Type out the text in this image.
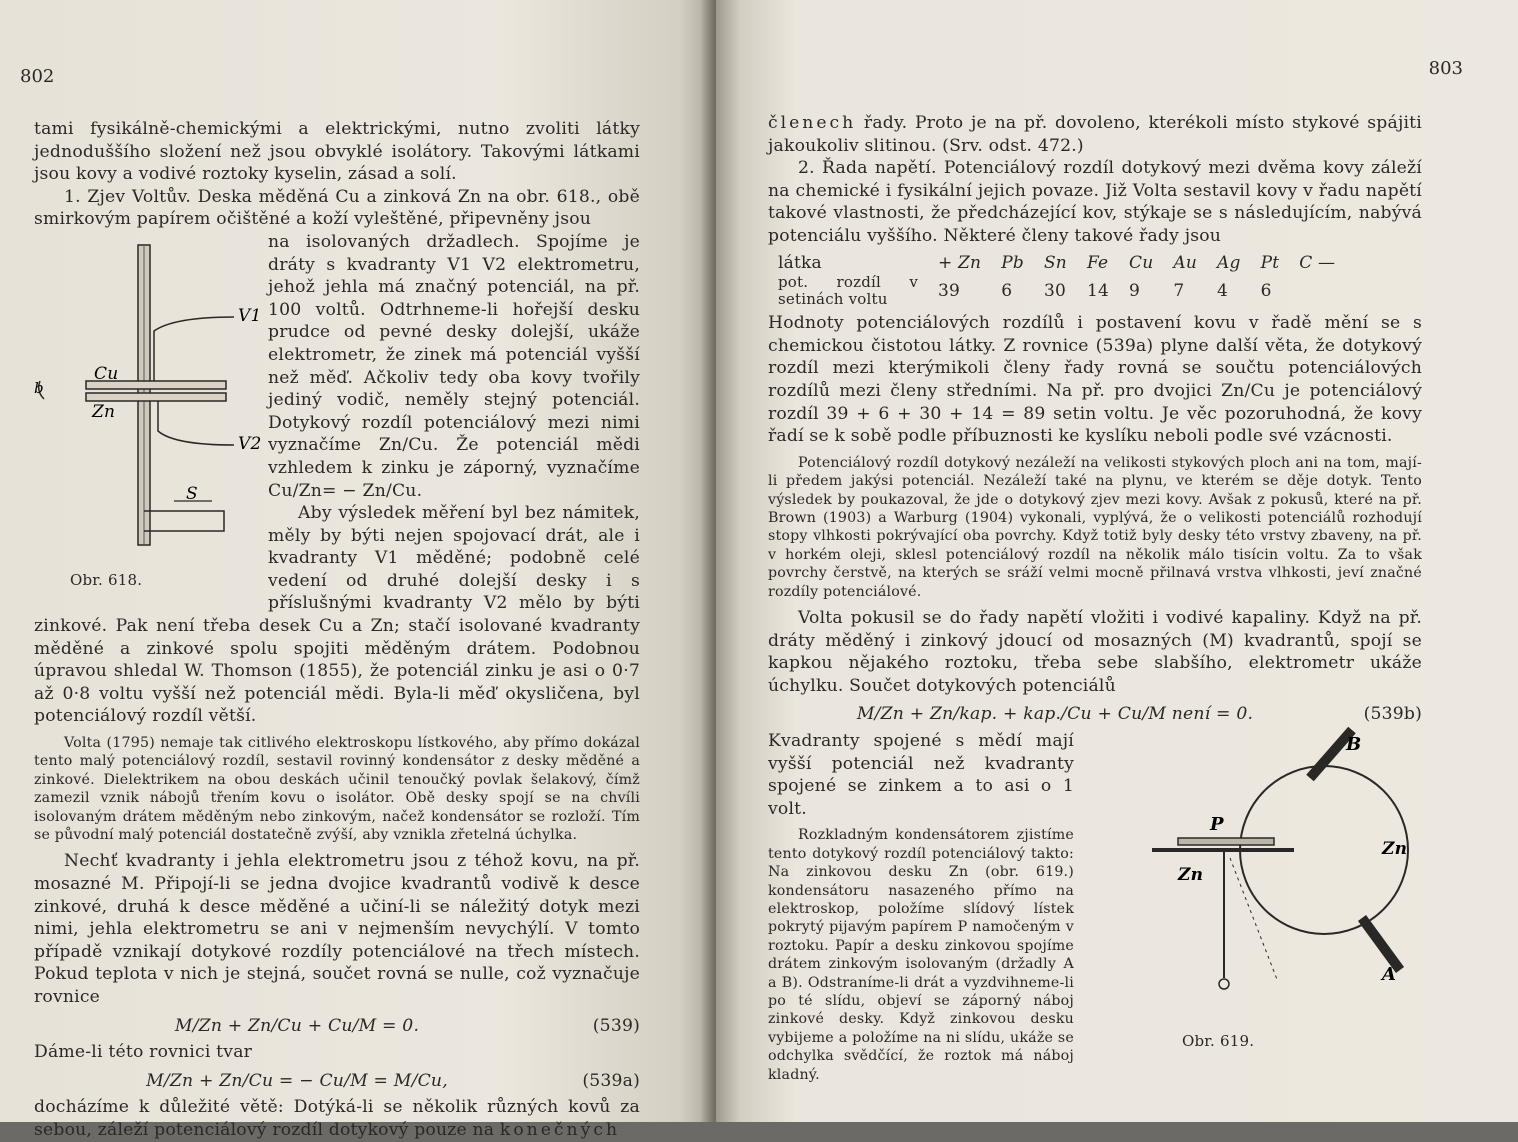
802

tami fysikálně-chemickými a elektrickými, nutno zvoliti látky jednoduššího složení než jsou obvyklé isolátory. Takovými látkami jsou kovy a vodivé roztoky kyselin, zásad a solí.

1. Zjev Voltův. Deska měděná Cu a zinková Zn na obr. 618., obě smirkovým papírem očištěné a koží vyleštěné, připevněny jsou

Cu
Zn
V1
V2
S
b
Obr. 618.

na isolovaných držadlech. Spojíme je dráty s kvadranty V1 V2 elektrometru, jehož jehla má značný potenciál, na př. 100 voltů. Odtrhneme-li hořejší desku prudce od pevné desky dolejší, ukáže elektrometr, že zinek má potenciál vyšší než měď. Ačkoliv tedy oba kovy tvořily jediný vodič, neměly stejný potenciál. Dotykový rozdíl potenciálový mezi nimi vyznačíme Zn/Cu. Že potenciál mědi vzhledem k zinku je záporný, vyznačíme Cu/Zn= − Zn/Cu.

Aby výsledek měření byl bez námitek, měly by býti nejen spojovací drát, ale i kvadranty V1 měděné; podobně celé vedení od druhé dolejší desky i s příslušnými kvadranty V2 mělo by býti zinkové. Pak není třeba desek Cu a Zn; stačí isolované kvadranty měděné a zinkové spolu spojiti měděným drátem. Podobnou úpravou shledal W. Thomson (1855), že potenciál zinku je asi o 0·7 až 0·8 voltu vyšší než potenciál mědi. Byla-li měď okysličena, byl potenciálový rozdíl větší.

Volta (1795) nemaje tak citlivého elektroskopu lístkového, aby přímo dokázal tento malý potenciálový rozdíl, sestavil rovinný kondensátor z desky měděné a zinkové. Dielektrikem na obou deskách učinil tenoučký povlak šelakový, čímž zamezil vznik nábojů třením kovu o isolátor. Obě desky spojí se na chvíli isolovaným drátem měděným nebo zinkovým, načež kondensátor se rozloží. Tím se původní malý potenciál dostatečně zvýší, aby vznikla zřetelná úchylka.

Nechť kvadranty i jehla elektrometru jsou z téhož kovu, na př. mosazné M. Připojí-li se jedna dvojice kvadrantů vodivě k desce zinkové, druhá k desce měděné a učiní-li se náležitý dotyk mezi nimi, jehla elektrometru se ani v nejmenším nevychýlí. V tomto případě vznikají dotykové rozdíly potenciálové na třech místech. Pokud teplota v nich je stejná, součet rovná se nulle, což vyznačuje rovnice

M/Zn + Zn/Cu + Cu/M = 0.	(539)

Dáme-li této rovnici tvar

M/Zn + Zn/Cu = − Cu/M = M/Cu,	(539a)

docházíme k důležité větě: Dotýká-li se několik různých kovů za sebou, záleží potenciálový rozdíl dotykový pouze na konečných

803

členech řady. Proto je na př. dovoleno, kterékoli místo stykové spájiti jakoukoliv slitinou. (Srv. odst. 472.)

2. Řada napětí. Potenciálový rozdíl dotykový mezi dvěma kovy záleží na chemické i fysikální jejich povaze. Již Volta sestavil kovy v řadu napětí takové vlastnosti, že předcházející kov, stýkaje se s následujícím, nabývá potenciálu vyššího. Některé členy takové řady jsou

látka	+ Zn	Pb	Sn	Fe	Cu	Au	Ag	Pt	C —
pot. rozdíl v setinách voltu	39	6	30	14	9	7	4	6	

Hodnoty potenciálových rozdílů i postavení kovu v řadě mění se s chemickou čistotou látky. Z rovnice (539a) plyne další věta, že dotykový rozdíl mezi kterýmikoli členy řady rovná se součtu potenciálových rozdílů mezi členy středními. Na př. pro dvojici Zn/Cu je potenciálový rozdíl 39 + 6 + 30 + 14 = 89 setin voltu. Je věc pozoruhodná, že kovy řadí se k sobě podle příbuznosti ke kyslíku neboli podle své vzácnosti.

Potenciálový rozdíl dotykový nezáleží na velikosti stykových ploch ani na tom, mají-li předem jakýsi potenciál. Nezáleží také na plynu, ve kterém se děje dotyk. Tento výsledek by poukazoval, že jde o dotykový zjev mezi kovy. Avšak z pokusů, které na př. Brown (1903) a Warburg (1904) vykonali, vyplývá, že o velikosti potenciálů rozhodují stopy vlhkosti pokrývající oba povrchy. Když totiž byly desky této vrstvy zbaveny, na př. v horkém oleji, sklesl potenciálový rozdíl na několik málo tisícin voltu. Za to však povrchy čerstvě, na kterých se sráží velmi mocně přilnavá vrstva vlhkosti, jeví značné rozdíly potenciálové.

Volta pokusil se do řady napětí vložiti i vodivé kapaliny. Když na př. dráty měděný i zinkový jdoucí od mosazných (M) kvadrantů, spojí se kapkou nějakého roztoku, třeba sebe slabšího, elektrometr ukáže úchylku. Součet dotykových potenciálů

M/Zn + Zn/kap. + kap./Cu + Cu/M není = 0.	(539b)
P
B
Zn
Zn
A
Obr. 619.

Kvadranty spojené s mědí mají vyšší potenciál než kvadranty spojené se zinkem a to asi o 1 volt.

Rozkladným kondensátorem zjistíme tento dotykový rozdíl potenciálový takto: Na zinkovou desku Zn (obr. 619.) kondensátoru nasazeného přímo na elektroskop, položíme slídový lístek pokrytý pijavým papírem P namočeným v roztoku. Papír a desku zinkovou spojíme drátem zinkovým isolovaným (držadly A a B). Odstraníme-li drát a vyzdvihneme-li po té slídu, objeví se záporný náboj zinkové desky. Když zinkovou desku vybijeme a položíme na ni slídu, ukáže se odchylka svědčící, že roztok má náboj kladný.
